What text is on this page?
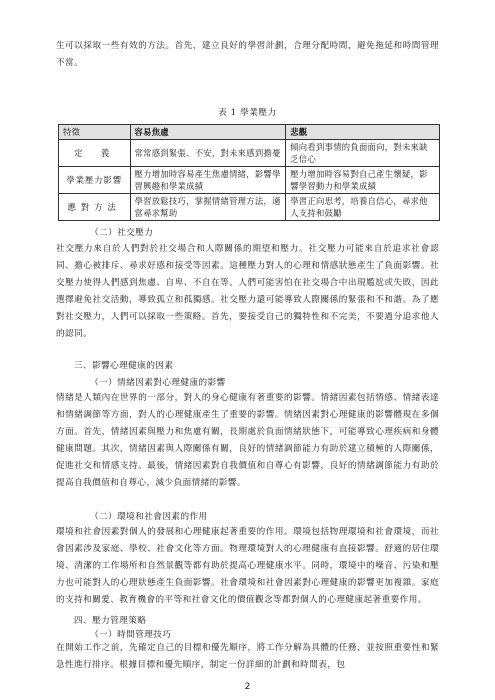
生可以採取一些有效的方法。首先，建立良好的學習計劃，合理分配時間，避免拖延和時間管理不當。

表 1 學業壓力

特徵	容易焦慮	悲觀
定　義	常常感到緊張、不安，對未來感到擔憂	傾向看到事情的負面面向，對未來缺乏信心
學業壓力影響	壓力增加時容易產生焦慮情緒，影響學習興趣和學業成績	壓力增加時容易對自己產生懷疑，影響學習動力和學業成績
應對方法	學習放鬆技巧，掌握情緒管理方法，適當尋求幫助	學習正向思考，培養自信心，尋求他人支持和鼓勵

（二）社交壓力

社交壓力來自於人們對於社交場合和人際關係的期望和壓力。社交壓力可能來自於追求社會認同、擔心被排斥、尋求好感和接受等因素。這種壓力對人的心理和情感狀態產生了負面影響。社交壓力使得人們感到焦慮、自卑、不自在等。人們可能害怕在社交場合中出現尷尬或失敗，因此選擇避免社交活動，導致孤立和孤獨感。社交壓力還可能導致人際關係的緊張和不和諧。為了應對社交壓力，人們可以採取一些策略。首先，要接受自己的獨特性和不完美，不要過分追求他人的認同。

三、影響心理健康的因素

（一）情緒因素對心理健康的影響

情緒是人類內在世界的一部分，對人的身心健康有著重要的影響。情緒因素包括情感、情緒表達和情緒調節等方面，對人的心理健康產生了重要的影響。情緒因素對心理健康的影響體現在多個方面。首先，情緒因素與壓力和焦慮有關，長期處於負面情緒狀態下，可能導致心理疾病和身體健康問題。其次，情緒因素與人際關係有關，良好的情緒調節能力有助於建立積極的人際關係，促進社交和情感支持。最後，情緒因素對自我價值和自尊心有影響，良好的情緒調節能力有助於提高自我價值和自尊心，減少負面情緒的影響。

（二）環境和社會因素的作用

環境和社會因素對個人的發展和心理健康起著重要的作用。環境包括物理環境和社會環境，而社會因素涉及家庭、學校、社會文化等方面。物理環境對人的心理健康有直接影響。舒適的居住環境、清潔的工作場所和自然景觀等都有助於提高心理健康水平。同時，環境中的噪音、污染和壓力也可能對人的心理狀態產生負面影響。社會環境和社會因素對心理健康的影響更加複雜。家庭的支持和關愛、教育機會的平等和社會文化的價值觀念等都對個人的心理健康起著重要作用。

四、壓力管理策略

（一）時間管理技巧

在開始工作之前，先確定自己的目標和優先順序，將工作分解為具體的任務，並按照重要性和緊急性進行排序。根據目標和優先順序，制定一份詳細的計劃和時間表，包

2
